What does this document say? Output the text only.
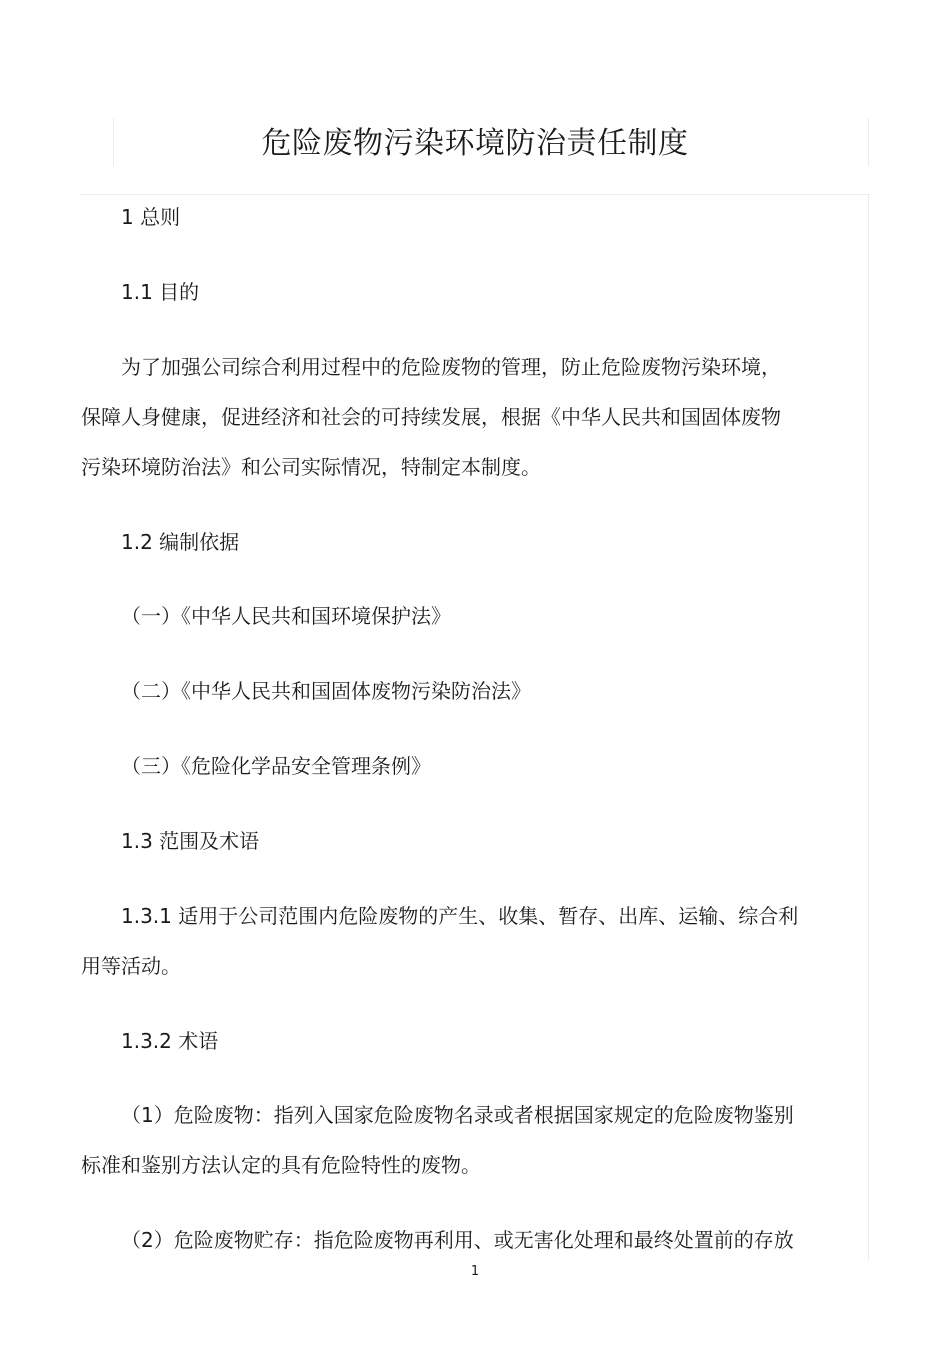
危险废物污染环境防治责任制度

1 总则

1.1 目的

为了加强公司综合利用过程中的危险废物的管理，防止危险废物污染环境，

保障人身健康，促进经济和社会的可持续发展，根据《中华人民共和国固体废物

污染环境防治法》和公司实际情况，特制定本制度。

1.2 编制依据

（一）《中华人民共和国环境保护法》

（二）《中华人民共和国固体废物污染防治法》

（三）《危险化学品安全管理条例》

1.3 范围及术语

1.3.1 适用于公司范围内危险废物的产生、收集、暂存、出库、运输、综合利

用等活动。

1.3.2 术语

（1）危险废物：指列入国家危险废物名录或者根据国家规定的危险废物鉴别

标准和鉴别方法认定的具有危险特性的废物。

（2）危险废物贮存：指危险废物再利用、或无害化处理和最终处置前的存放

1
